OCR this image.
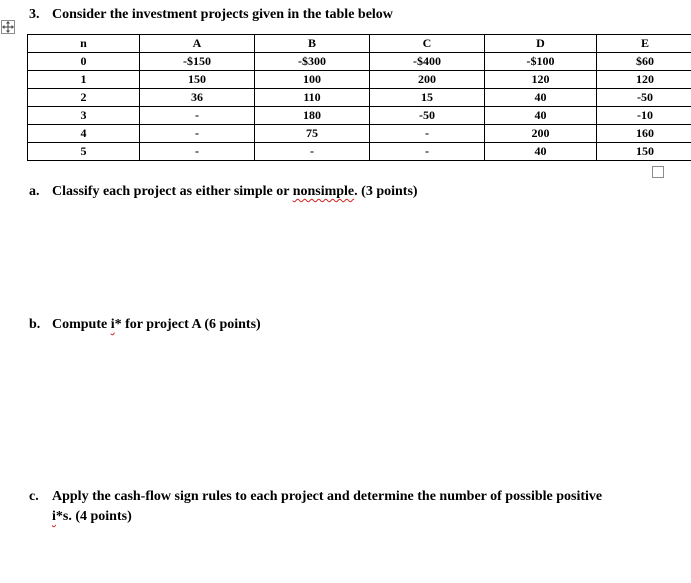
3. Consider the investment projects given in the table below
n	A	B	C	D	E
0	-$150	-$300	-$400	-$100	$60
1	150	100	200	120	120
2	36	110	15	40	-50
3	-	180	-50	40	-10
4	-	75	-	200	160
5	-	-	-	40	150
a. Classify each project as either simple or nonsimple. (3 points)
b. Compute i* for project A (6 points)
c. Apply the cash-flow sign rules to each project and determine the number of possible positive
i*s. (4 points)
